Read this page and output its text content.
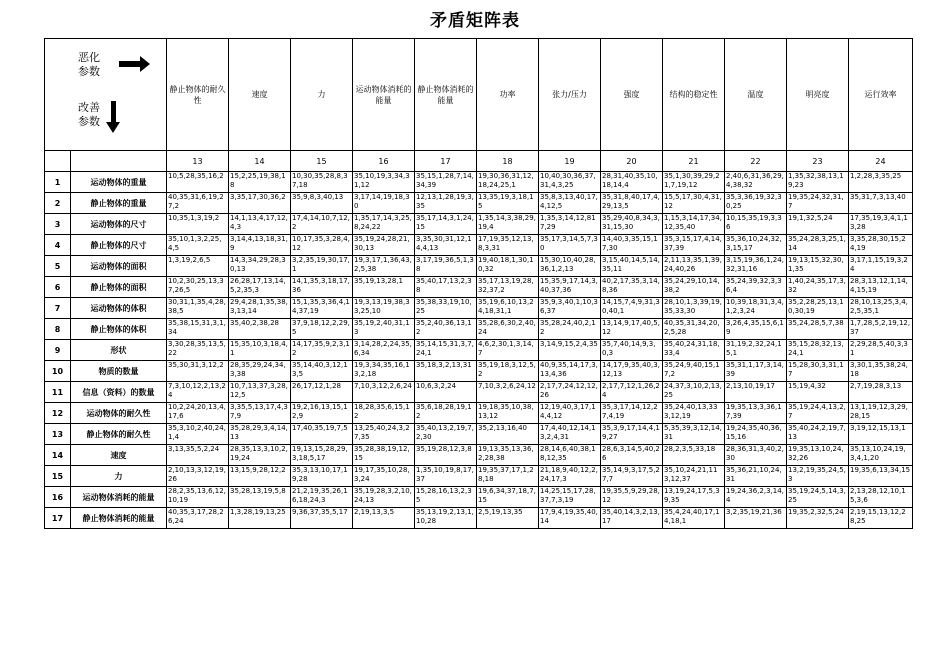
矛盾矩阵表
恶化
参数
改善
参数		静止物体的耐久性	速度	力	运动物体消耗的能量	静止物体消耗的能量	功率	张力/压力	强度	结构的稳定性	温度	明亮度	运行效率
		13	14	15	16	17	18	19	20	21	22	23	24
1	运动物体的重量	10,5,28,35,16,2	15,2,25,19,38,18	10,30,35,28,8,37,18	35,10,19,3,34,31,12	35,15,1,28,7,14,34,39	19,30,36,31,12,18,24,25,1	10,40,30,36,37,31,4,3,25	28,31,40,35,10,18,14,4	35,1,30,39,29,21,7,19,12	2,40,6,31,36,29,4,38,32	1,35,32,38,13,19,23	1,2,28,3,35,25
2	静止物体的重量	40,35,31,6,19,27,2	3,35,17,30,36,2	35,9,8,3,40,13	3,17,14,19,18,30	12,13,1,28,19,3,35	13,35,19,3,18,15	35,8,3,13,40,17,4,12,5	35,31,8,40,17,4,29,13,5	15,5,17,30,4,31,12	35,3,36,19,32,30,25	19,35,24,32,31,7	35,31,7,3,13,40
3	运动物体的尺寸	10,35,1,3,19,2	14,1,13,4,17,12,4,3	17,4,14,10,7,12,2	1,35,17,14,3,25,8,24,22	35,17,14,3,1,24,15	1,35,14,3,38,29,19,4	1,35,3,14,12,817,29	35,29,40,8,34,3,31,15,30	1,15,3,14,17,34,12,35,40	10,15,35,19,3,36	19,1,32,5,24	17,35,19,3,4,1,13,28
4	静止物体的尺寸	35,10,1,3,2,25,4,5	3,14,4,13,18,31,9	10,17,35,3,28,4,12	35,19,24,28,21,30,13	3,35,30,31,12,14,4,13	17,19,35,12,13,8,3,31	35,17,3,14,5,7,30	14,40,3,35,15,17,30	35,3,15,17,4,14,37,39	35,36,10,24,32,3,15,17	35,24,28,3,25,1,14	3,35,28,30,15,24,19
5	运动物体的面积	1,3,19,2,6,5	14,3,34,29,28,30,13	3,2,35,19,30,17,1	19,3,17,1,36,43,2,5,38	3,17,19,36,5,1,38	19,40,18,1,30,10,32	15,30,10,40,28,36,1,2,13	3,15,40,14,5,14,35,11	2,11,13,35,1,39,24,40,26	3,15,19,36,1,24,32,31,16	19,13,15,32,30,1,35	3,17,1,15,19,3,24
6	静止物体的面积	10,2,30,25,13,37,26,5	26,28,17,13,14,5,2,35,3	14,1,35,3,18,17,36	35,19,13,28,1	35,40,17,13,2,38	35,17,13,19,28,32,37,2	15,35,9,17,14,3,40,37,36	40,2,17,35,3,14,8,36	35,24,29,10,14,38,2	35,24,39,32,3,36,4	1,40,24,35,17,3,32	28,3,13,12,1,14,4,15,19
7	运动物体的体积	30,31,1,35,4,28,38,5	29,4,28,1,35,38,3,13,14	15,1,35,3,36,4,14,37,19	19,3,13,19,38,33,25,10	35,38,33,19,10,25	35,19,6,10,13,24,18,31,1	35,9,3,40,1,10,36,37	14,15,7,4,9,31,30,40,1	28,10,1,3,39,19,35,33,30	10,39,18,31,3,4,1,2,3,24	35,2,28,25,13,10,30,19	28,10,13,25,3,4,2,5,35,1
8	静止物体的体积	35,38,15,31,3,1,34	35,40,2,38,28	37,9,18,12,2,29,5	35,19,2,40,31,13	35,2,40,36,13,12	35,28,6,30,2,40,24	35,28,24,40,2,12	13,14,9,17,40,5,12	40,35,31,34,20,2,5,28	3,26,4,35,15,6,19	35,24,28,5,7,38	1,7,28,5,2,19,12,37
9	形状	3,30,28,35,13,5,22	15,35,10,3,18,4,1	14,17,35,9,2,3,12	3,14,28,2,24,35,6,34	35,14,15,31,3,7,24,1	4,6,2,30,1,3,14,7	3,14,9,15,2,4,35	35,7,40,14,9,3,0,3	35,40,24,31,18,33,4	31,19,2,32,24,15,1	35,15,28,32,13,24,1	2,29,28,5,40,3,31
10	物质的数量	35,30,31,3,12,2	28,35,29,24,34,3,38	35,14,40,3,12,13,5	19,3,34,35,16,13,2,18	35,18,3,2,13,31	35,19,18,3,12,5,2	40,9,35,14,17,3,13,4,36	14,17,9,35,40,3,12,13	35,24,9,40,15,17,2	35,31,1,17,3,14,39	15,28,30,3,31,17	3,30,1,35,38,24,18
11	信息（资料）的数量	7,3,10,12,2,13,24	10,7,13,37,3,28,12,5	26,17,12,1,28	7,10,3,12,2,6,24	10,6,3,2,24	7,10,3,2,6,24,12	2,17,7,24,12,12,26	2,17,7,12,1,26,24	24,37,3,10,2,13,25	2,13,10,19,17	15,19,4,32	2,7,19,28,3,13
12	运动物体的耐久性	10,2,24,20,13,4,17,6	3,35,5,13,17,4,37,9	19,2,16,13,15,12,9	18,28,35,6,15,12	35,6,18,28,19,12	19,18,35,10,38,13,12	12,19,40,3,17,14,4,12	35,3,17,14,12,27,4,19	35,24,40,13,333,12,19	19,35,13,3,36,17,39	35,19,24,4,13,2,7	13,1,19,12,3,29,28,15
13	静止物体的耐久性	35,3,10,2,40,24,1,4	35,28,29,3,4,14,13	17,40,35,19,7,5	13,25,40,24,3,27,35	35,40,13,2,19,7,2,30	35,2,13,16,40	17,4,40,12,14,13,2,4,31	35,3,9,17,14,4,19,27	5,35,39,3,12,14,31	19,24,35,40,36,15,16	35,40,24,2,19,7,13	3,19,12,15,13,1
14	速度	3,13,35,5,2,24	28,35,13,3,10,2,19,24	19,13,15,28,29,3,18,5,17	35,28,38,19,12,15	35,19,28,12,3,8	19,13,35,13,36,2,28,38	28,14,6,40,38,18,12,35	28,6,3,14,5,40,26	28,2,3,5,33,18	28,36,31,3,40,2,30	19,35,13,10,24,32,26	35,13,10,24,19,3,4,1,20
15	力	2,10,13,3,12,19,26	13,15,9,28,12,2	35,3,13,10,17,19,28	19,17,35,10,28,3,24	1,35,10,19,8,17,37	19,35,37,17,1,28,18	21,18,9,40,12,2,24,17,3	35,14,9,3,17,5,27,7	35,10,24,21,113,12,37	35,36,21,10,24,31	13,2,19,35,24,5,3	19,35,6,13,34,15
16	运动物体消耗的能量	28,2,35,13,6,12,10,19	35,28,13,19,5,8	21,2,19,35,26,16,18,24,3	35,19,28,3,2,10,24,13	15,28,16,13,2,35	19,6,34,37,18,7,15	14,25,15,17,28,37,7,3,19	19,35,5,9,29,28,12	13,19,24,17,5,39,35	19,24,36,2,3,14,4	35,19,24,5,14,3,25	2,13,28,12,10,15,3,6
17	静止物体消耗的能量	40,35,3,17,28,26,24	1,3,28,19,13,25	9,36,37,35,5,17	2,19,13,3,5	35,13,19,2,13,1,10,28	2,5,19,13,35	17,9,4,19,35,40,14	35,40,14,3,2,13,17	35,4,24,40,17,14,18,1	3,2,35,19,21,36	19,35,2,32,5,24	2,19,15,13,12,28,25
